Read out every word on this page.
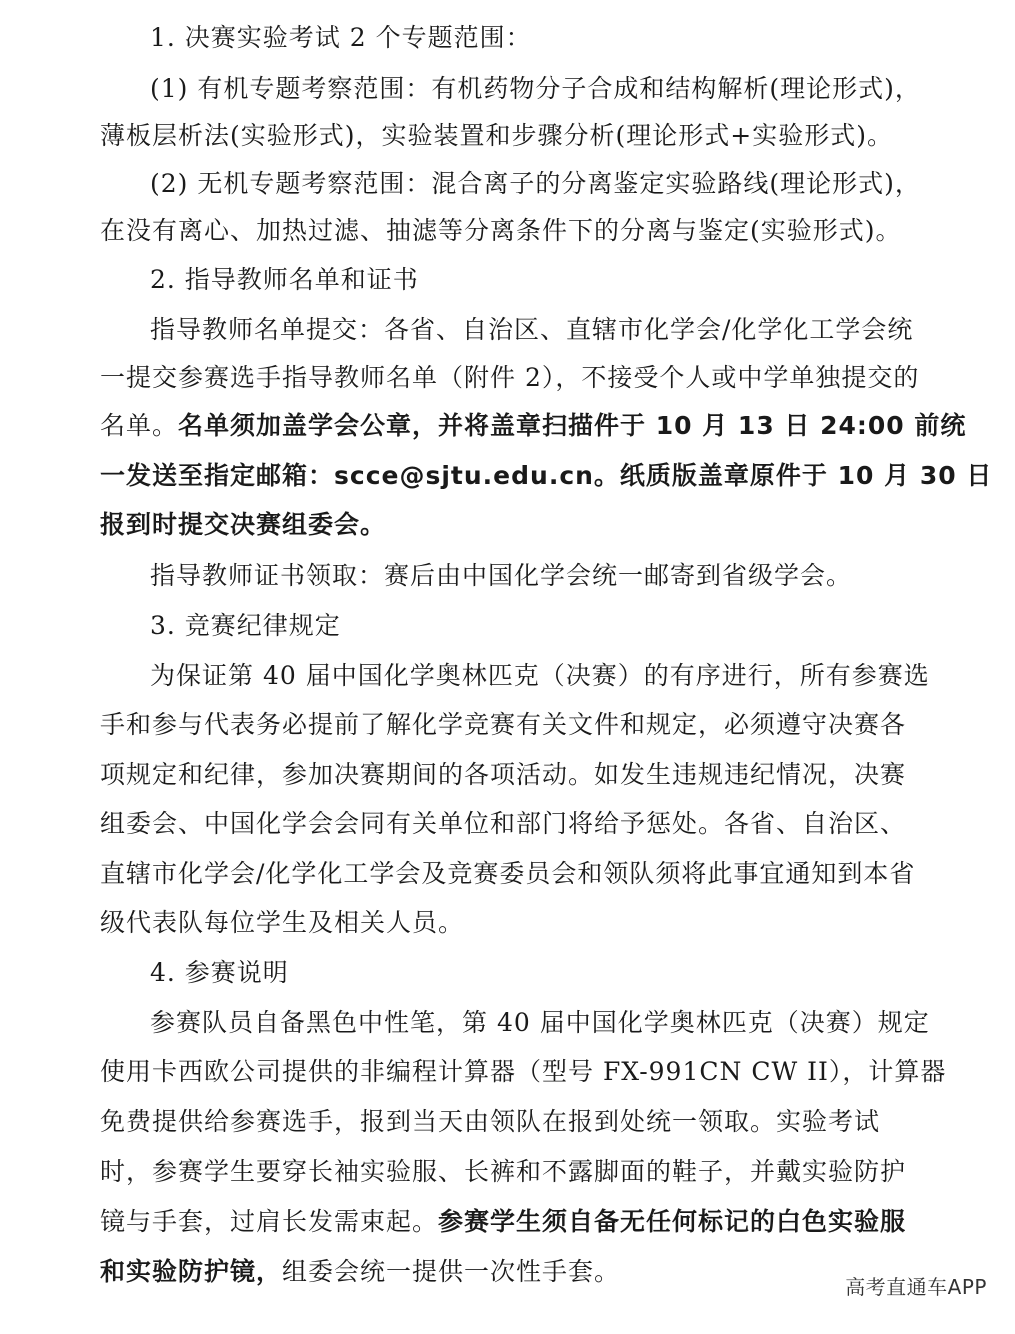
1. 决赛实验考试 2 个专题范围：
(1) 有机专题考察范围：有机药物分子合成和结构解析(理论形式)，
薄板层析法(实验形式)，实验装置和步骤分析(理论形式+实验形式)。
(2) 无机专题考察范围：混合离子的分离鉴定实验路线(理论形式)，
在没有离心、加热过滤、抽滤等分离条件下的分离与鉴定(实验形式)。
2. 指导教师名单和证书
指导教师名单提交：各省、自治区、直辖市化学会/化学化工学会统
一提交参赛选手指导教师名单（附件 2），不接受个人或中学单独提交的
名单。名单须加盖学会公章，并将盖章扫描件于 10 月 13 日 24:00 前统
一发送至指定邮箱：scce@sjtu.edu.cn。纸质版盖章原件于 10 月 30 日
报到时提交决赛组委会。
指导教师证书领取：赛后由中国化学会统一邮寄到省级学会。
3. 竞赛纪律规定
为保证第 40 届中国化学奥林匹克（决赛）的有序进行，所有参赛选
手和参与代表务必提前了解化学竞赛有关文件和规定，必须遵守决赛各
项规定和纪律，参加决赛期间的各项活动。如发生违规违纪情况，决赛
组委会、中国化学会会同有关单位和部门将给予惩处。各省、自治区、
直辖市化学会/化学化工学会及竞赛委员会和领队须将此事宜通知到本省
级代表队每位学生及相关人员。
4. 参赛说明
参赛队员自备黑色中性笔，第 40 届中国化学奥林匹克（决赛）规定
使用卡西欧公司提供的非编程计算器（型号 FX-991CN CW II），计算器
免费提供给参赛选手，报到当天由领队在报到处统一领取。实验考试
时，参赛学生要穿长袖实验服、长裤和不露脚面的鞋子，并戴实验防护
镜与手套，过肩长发需束起。参赛学生须自备无任何标记的白色实验服
和实验防护镜，组委会统一提供一次性手套。
高考直通车APP
